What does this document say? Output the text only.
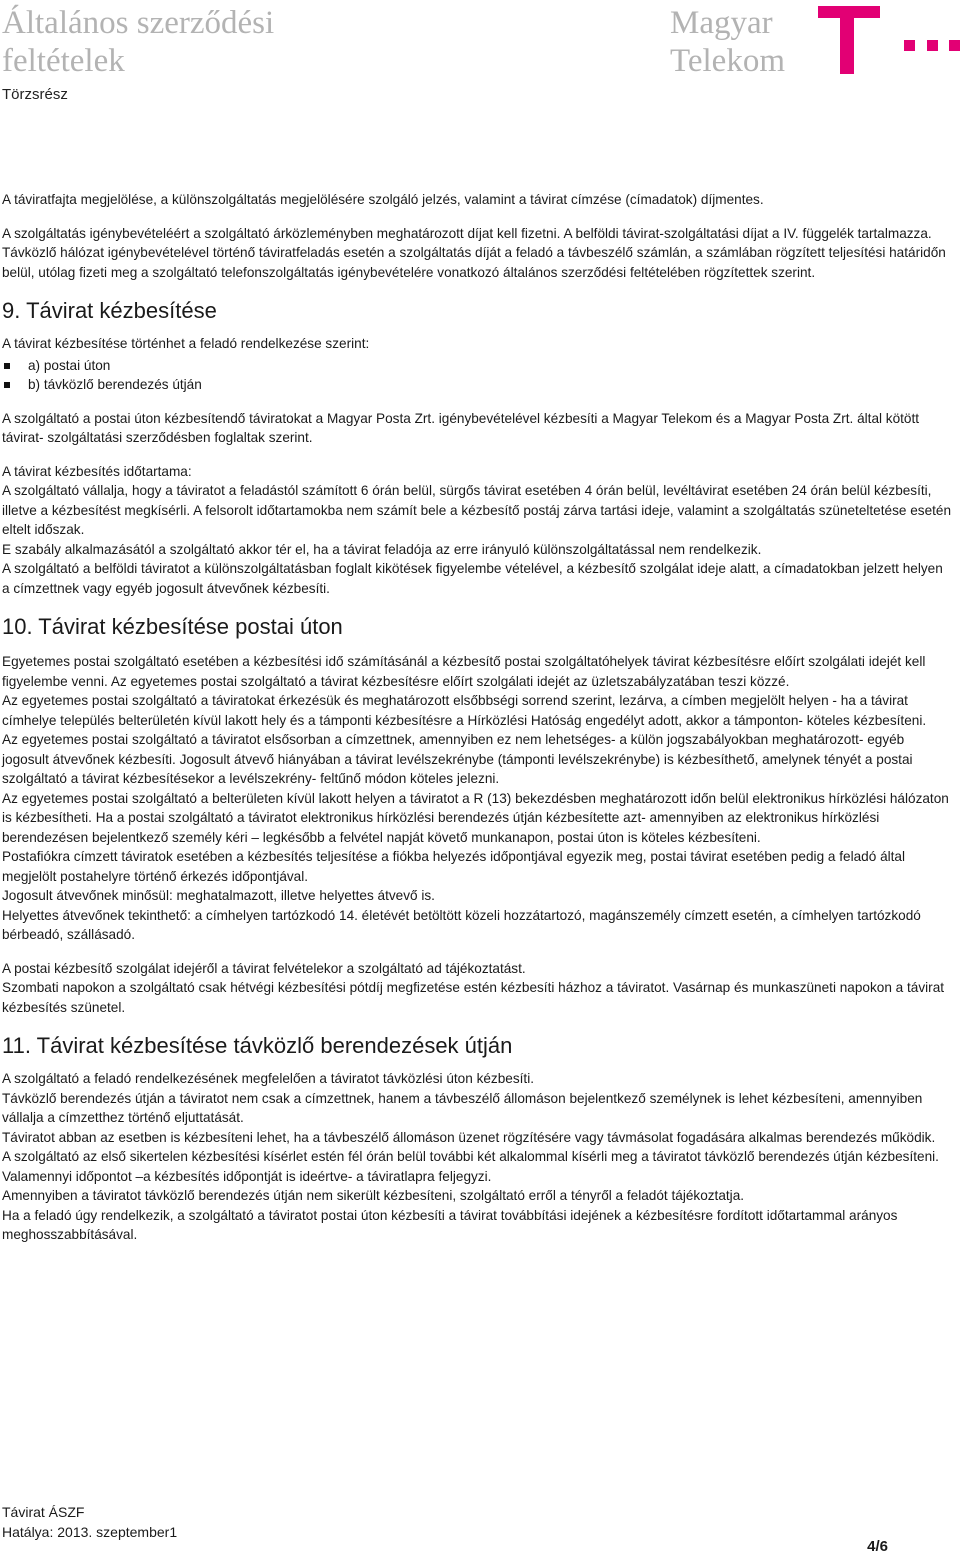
Általános szerződési
feltételek
Törzsrész
Magyar
Telekom

A táviratfajta megjelölése, a különszolgáltatás megjelölésére szolgáló jelzés, valamint a távirat címzése (címadatok) díjmentes.

A szolgáltatás igénybevételéért a szolgáltató árközleményben meghatározott díjat kell fizetni. A belföldi távirat-szolgáltatási díjat a IV. függelék tartalmazza.

Távközlő hálózat igénybevételével történő táviratfeladás esetén a szolgáltatás díját a feladó a távbeszélő számlán, a számlában rögzített teljesítési határidőn belül, utólag fizeti meg a szolgáltató telefonszolgáltatás igénybevételére vonatkozó általános szerződési feltételében rögzítettek szerint.

9. Távirat kézbesítése

A távirat kézbesítése történhet a feladó rendelkezése szerint:

a) postai úton
b) távközlő berendezés útján

A szolgáltató a postai úton kézbesítendő táviratokat a Magyar Posta Zrt. igénybevételével kézbesíti a Magyar Telekom és a Magyar Posta Zrt. által kötött távirat- szolgáltatási szerződésben foglaltak szerint.

A távirat kézbesítés időtartama:

A szolgáltató vállalja, hogy a táviratot a feladástól számított 6 órán belül, sürgős távirat esetében 4 órán belül, levéltávirat esetében 24 órán belül kézbesíti, illetve a kézbesítést megkísérli. A felsorolt időtartamokba nem számít bele a kézbesítő postáj zárva tartási ideje, valamint a szolgáltatás szüneteltetése esetén eltelt időszak.

E szabály alkalmazásától a szolgáltató akkor tér el, ha a távirat feladója az erre irányuló különszolgáltatással nem rendelkezik.

A szolgáltató a belföldi táviratot a különszolgáltatásban foglalt kikötések figyelembe vételével, a kézbesítő szolgálat ideje alatt, a címadatokban jelzett helyen a címzettnek vagy egyéb jogosult átvevőnek kézbesíti.

10. Távirat kézbesítése postai úton

Egyetemes postai szolgáltató esetében a kézbesítési idő számításánál a kézbesítő postai szolgáltatóhelyek távirat kézbesítésre előírt szolgálati idejét kell figyelembe venni. Az egyetemes postai szolgáltató a távirat kézbesítésre előírt szolgálati idejét az üzletszabályzatában teszi közzé.

Az egyetemes postai szolgáltató a táviratokat érkezésük és meghatározott elsőbbségi sorrend szerint, lezárva, a címben megjelölt helyen - ha a távirat címhelye település belterületén kívül lakott hely és a támponti kézbesítésre a Hírközlési Hatóság engedélyt adott, akkor a támponton- köteles kézbesíteni.

Az egyetemes postai szolgáltató a táviratot elsősorban a címzettnek, amennyiben ez nem lehetséges- a külön jogszabályokban meghatározott- egyéb jogosult átvevőnek kézbesíti. Jogosult átvevő hiányában a távirat levélszekrénybe (támponti levélszekrénybe) is kézbesíthető, amelynek tényét a postai szolgáltató a távirat kézbesítésekor a levélszekrény- feltűnő módon köteles jelezni.

Az egyetemes postai szolgáltató a belterületen kívül lakott helyen a táviratot a R (13) bekezdésben meghatározott időn belül elektronikus hírközlési hálózaton is kézbesítheti. Ha a postai szolgáltató a táviratot elektronikus hírközlési berendezés útján kézbesítette azt- amennyiben az elektronikus hírközlési berendezésen bejelentkező személy kéri – legkésőbb a felvétel napját követő munkanapon, postai úton is köteles kézbesíteni.

Postafiókra címzett táviratok esetében a kézbesítés teljesítése a fiókba helyezés időpontjával egyezik meg, postai távirat esetében pedig a feladó által megjelölt postahelyre történő érkezés időpontjával.

Jogosult átvevőnek minősül: meghatalmazott, illetve helyettes átvevő is.

Helyettes átvevőnek tekinthető: a címhelyen tartózkodó 14. életévét betöltött közeli hozzátartozó, magánszemély címzett esetén, a címhelyen tartózkodó bérbeadó, szállásadó.

A postai kézbesítő szolgálat idejéről a távirat felvételekor a szolgáltató ad tájékoztatást.

Szombati napokon a szolgáltató csak hétvégi kézbesítési pótdíj megfizetése estén kézbesíti házhoz a táviratot. Vasárnap és munkaszüneti napokon a távirat kézbesítés szünetel.

11. Távirat kézbesítése távközlő berendezések útján

A szolgáltató a feladó rendelkezésének megfelelően a táviratot távközlési úton kézbesíti.

Távközlő berendezés útján a táviratot nem csak a címzettnek, hanem a távbeszélő állomáson bejelentkező személynek is lehet kézbesíteni, amennyiben vállalja a címzetthez történő eljuttatását.

Táviratot abban az esetben is kézbesíteni lehet, ha a távbeszélő állomáson üzenet rögzítésére vagy távmásolat fogadására alkalmas berendezés működik.

A szolgáltató az első sikertelen kézbesítési kísérlet estén fél órán belül további két alkalommal kísérli meg a táviratot távközlő berendezés útján kézbesíteni. Valamennyi időpontot –a kézbesítés időpontját is ideértve- a táviratlapra feljegyzi.

Amennyiben a táviratot távközlő berendezés útján nem sikerült kézbesíteni, szolgáltató erről a tényről a feladót tájékoztatja.

Ha a feladó úgy rendelkezik, a szolgáltató a táviratot postai úton kézbesíti a távirat továbbítási idejének a kézbesítésre fordított időtartammal arányos meghosszabbításával.

Távirat ÁSZF
Hatálya: 2013. szeptember1
4/6
